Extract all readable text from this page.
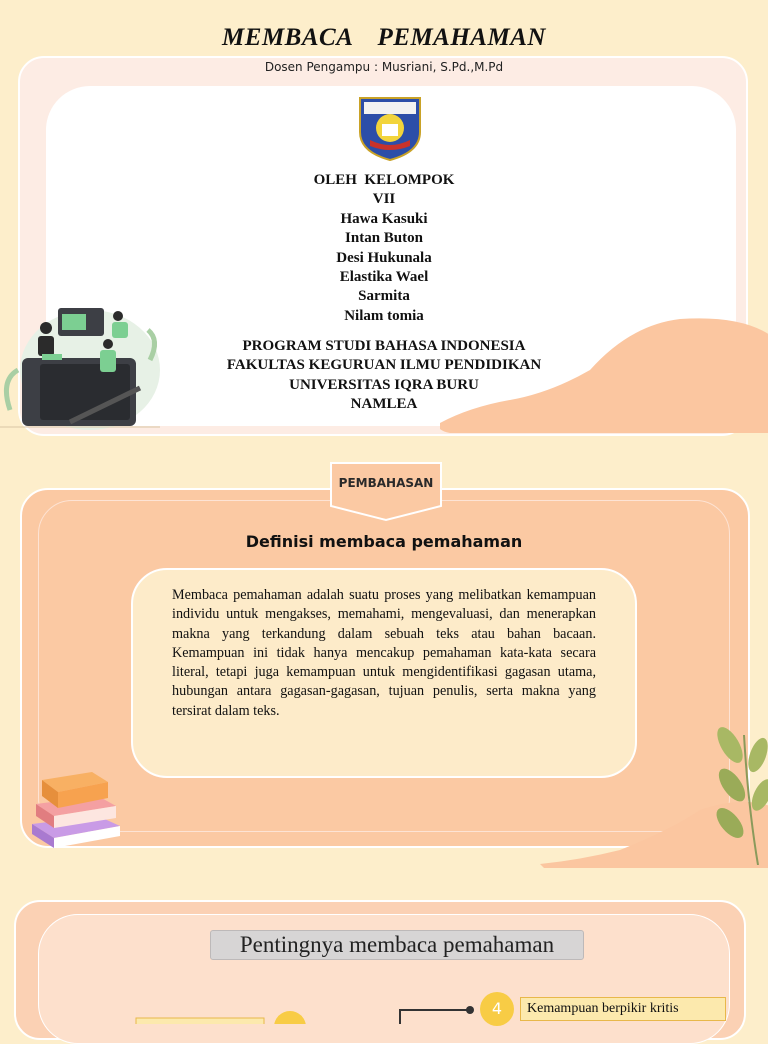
MEMBACA  PEMAHAMAN
Dosen Pengampu : Musriani, S.Pd.,M.Pd
OLEH  KELOMPOK
VII
Hawa Kasuki
Intan Buton
Desi Hukunala
Elastika Wael
Sarmita
Nilam tomia
PROGRAM STUDI BAHASA INDONESIA
FAKULTAS KEGURUAN ILMU PENDIDIKAN
UNIVERSITAS IQRA BURU
NAMLEA
PEMBAHASAN
Definisi membaca pemahaman
Membaca pemahaman adalah suatu proses yang melibatkan kemampuan individu untuk mengakses, memahami, mengevaluasi, dan menerapkan makna yang terkandung dalam sebuah teks atau bahan bacaan. Kemampuan ini tidak hanya mencakup pemahaman kata-kata secara literal, tetapi juga kemampuan untuk mengidentifikasi gagasan utama, hubungan antara gagasan-gagasan, tujuan penulis, serta makna yang tersirat dalam teks.
Pentingnya membaca pemahaman
4	Kemampuan berpikir kritis
